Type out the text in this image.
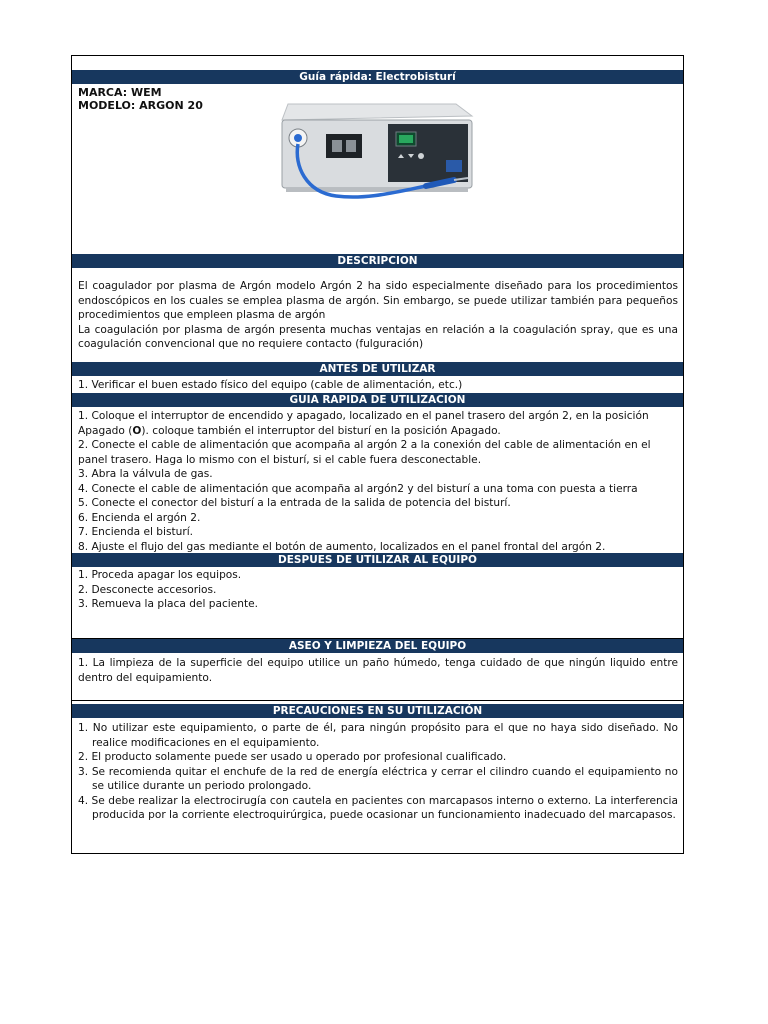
Guía rápida: Electrobisturí
MARCA: WEM
MODELO: ARGON 20
DESCRIPCION
El coagulador por plasma de Argón modelo Argón 2 ha sido especialmente diseñado para los procedimientos endoscópicos en los cuales se emplea plasma de argón. Sin embargo, se puede utilizar también para pequeños procedimientos que empleen plasma de argón
La coagulación por plasma de argón presenta muchas ventajas en relación a la coagulación spray, que es una coagulación convencional que no requiere contacto (fulguración)
ANTES DE UTILIZAR
1. Verificar el buen estado físico del equipo (cable de alimentación, etc.)
GUIA RAPIDA DE UTILIZACION
1. Coloque el interruptor de encendido y apagado, localizado en el panel trasero del argón 2, en la posición Apagado (O). coloque también el interruptor del bisturí en la posición Apagado.
2. Conecte el cable de alimentación que acompaña al argón 2 a la conexión del cable de alimentación en el panel trasero. Haga lo mismo con el bisturí, si el cable fuera desconectable.
3. Abra la válvula de gas.
4. Conecte el cable de alimentación que acompaña al argón2 y del bisturí a una toma con puesta a tierra
5. Conecte el conector del bisturí a la entrada de la salida de potencia del bisturí.
6. Encienda el argón 2.
7. Encienda el bisturí.
8. Ajuste el flujo del gas mediante el botón de aumento, localizados en el panel frontal del argón 2.
DESPUES DE UTILIZAR AL EQUIPO
1. Proceda apagar los equipos.
2. Desconecte accesorios.
3. Remueva la placa del paciente.
ASEO Y LIMPIEZA DEL EQUIPO
1. La limpieza de la superficie del equipo utilice un paño húmedo, tenga cuidado de que ningún liquido entre dentro del equipamiento.
PRECAUCIONES EN SU UTILIZACIÓN
1. No utilizar este equipamiento, o parte de él, para ningún propósito para el que no haya sido diseñado. No realice modificaciones en el equipamiento.
2. El producto solamente puede ser usado u operado por profesional cualificado.
3. Se recomienda quitar el enchufe de la red de energía eléctrica y cerrar el cilindro cuando el equipamiento no se utilice durante un periodo prolongado.
4. Se debe realizar la electrocirugía con cautela en pacientes con marcapasos interno o externo. La interferencia producida por la corriente electroquirúrgica, puede ocasionar un funcionamiento inadecuado del marcapasos.
